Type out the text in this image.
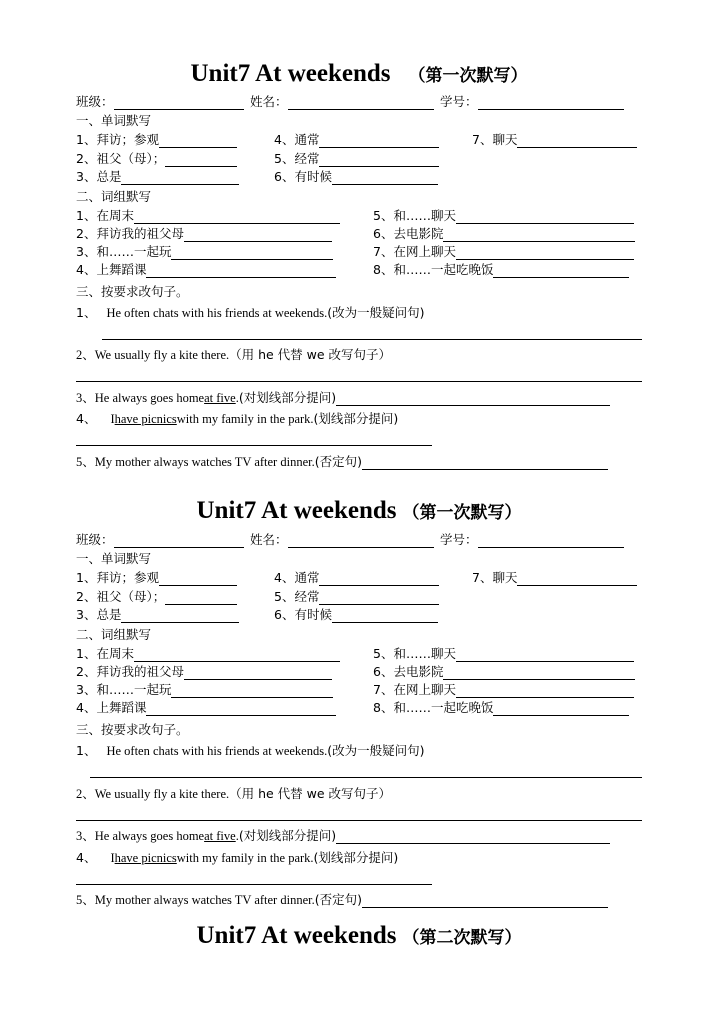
Unit7 At weekends （第一次默写）
班级：	姓名：	学号：
一、单词默写
1、拜访；参观	4、通常	7、聊天
2、祖父（母）；	5、经常
3、总是	6、有时候
二、词组默写
1、在周末	5、和……聊天
2、拜访我的祖父母	6、去电影院
3、和……一起玩	7、在网上聊天
4、上舞蹈课	8、和……一起吃晚饭
三、按要求改句子。
1、 He often chats with his friends at weekends. (改为一般疑问句)
2、We usually fly a kite there. （用 he 代替 we 改写句子）
3、He always goes home at five . (对划线部分提问)
4、 I have picnics with my family in the park. (划线部分提问)
5、My mother always watches TV after dinner. (否定句)
Unit7 At weekends （第一次默写）
班级：	姓名：	学号：
一、单词默写
1、拜访；参观	4、通常	7、聊天
2、祖父（母）；	5、经常
3、总是	6、有时候
二、词组默写
1、在周末	5、和……聊天
2、拜访我的祖父母	6、去电影院
3、和……一起玩	7、在网上聊天
4、上舞蹈课	8、和……一起吃晚饭
三、按要求改句子。
1、 He often chats with his friends at weekends. (改为一般疑问句)
2、We usually fly a kite there. （用 he 代替 we 改写句子）
3、He always goes home at five . (对划线部分提问)
4、 I have picnics with my family in the park. (划线部分提问)
5、My mother always watches TV after dinner. (否定句)
Unit7 At weekends （第二次默写）
